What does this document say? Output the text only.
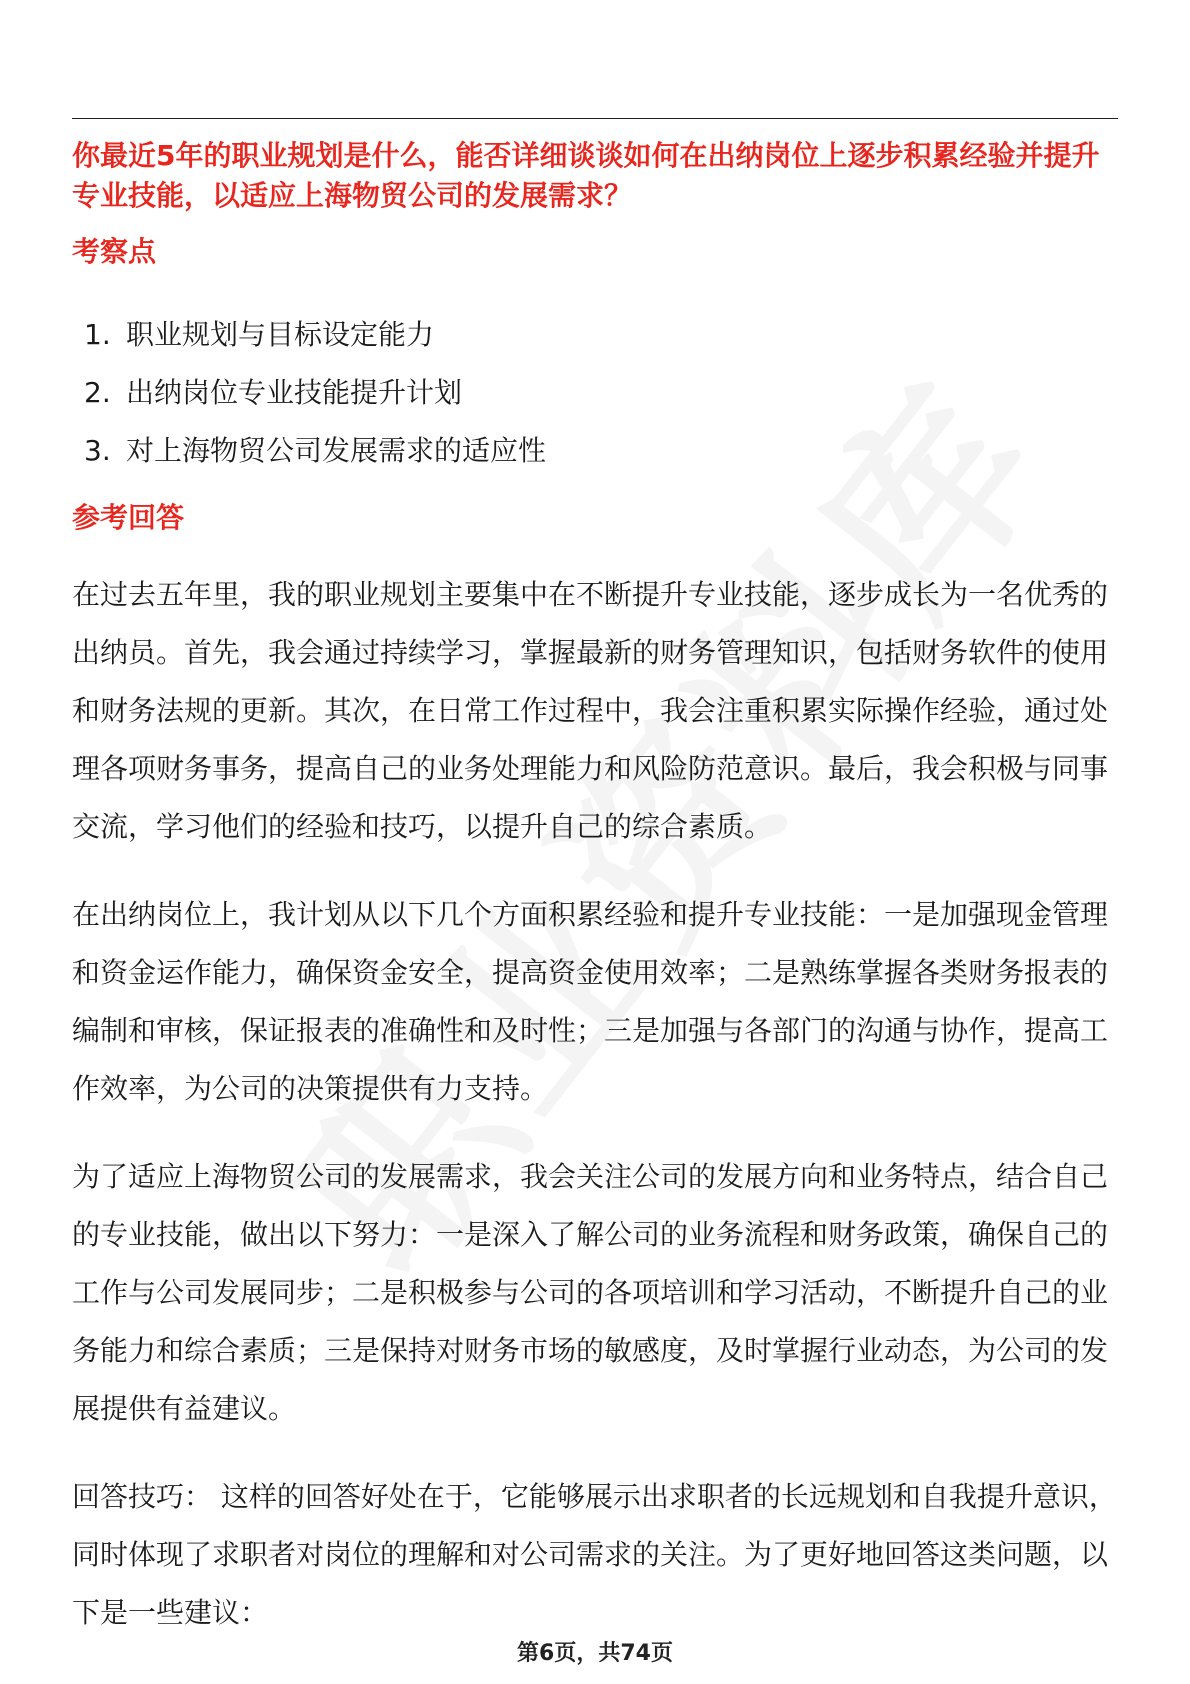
你最近5年的职业规划是什么，能否详细谈谈如何在出纳岗位上逐步积累经验并提升专业技能，以适应上海物贸公司的发展需求？
考察点
1. 职业规划与目标设定能力
2. 出纳岗位专业技能提升计划
3. 对上海物贸公司发展需求的适应性
参考回答

在过去五年里，我的职业规划主要集中在不断提升专业技能，逐步成长为一名优秀的出纳员。首先，我会通过持续学习，掌握最新的财务管理知识，包括财务软件的使用和财务法规的更新。其次，在日常工作过程中，我会注重积累实际操作经验，通过处理各项财务事务，提高自己的业务处理能力和风险防范意识。最后，我会积极与同事交流，学习他们的经验和技巧，以提升自己的综合素质。

在出纳岗位上，我计划从以下几个方面积累经验和提升专业技能：一是加强现金管理和资金运作能力，确保资金安全，提高资金使用效率；二是熟练掌握各类财务报表的编制和审核，保证报表的准确性和及时性；三是加强与各部门的沟通与协作，提高工作效率，为公司的决策提供有力支持。

为了适应上海物贸公司的发展需求，我会关注公司的发展方向和业务特点，结合自己的专业技能，做出以下努力：一是深入了解公司的业务流程和财务政策，确保自己的工作与公司发展同步；二是积极参与公司的各项培训和学习活动，不断提升自己的业务能力和综合素质；三是保持对财务市场的敏感度，及时掌握行业动态，为公司的发展提供有益建议。

回答技巧： 这样的回答好处在于，它能够展示出求职者的长远规划和自我提升意识，同时体现了求职者对岗位的理解和对公司需求的关注。为了更好地回答这类问题，以下是一些建议：

第6页，共74页
